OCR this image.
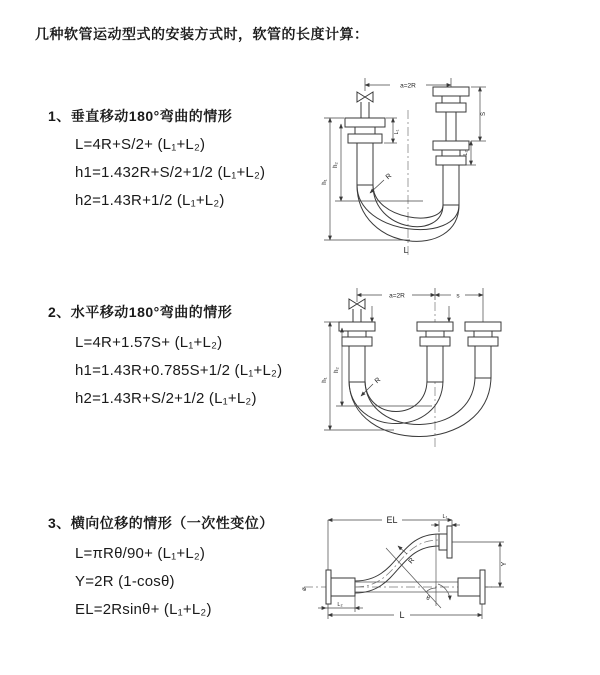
几种软管运动型式的安装方式时，软管的长度计算：
1、垂直移动180°弯曲的情形
L=4R+S/2+ (L₁+L₂)
h1=1.432R+S/2+1/2 (L₁+L₂)
h2=1.43R+1/2 (L₁+L₂)
2、水平移动180°弯曲的情形
L=4R+1.57S+ (L₁+L₂)
h1=1.43R+0.785S+1/2 (L₁+L₂)
h2=1.43R+S/2+1/2 (L₁+L₂)
3、横向位移的情形（一次性变位）
L=πRθ/90+ (L₁+L₂)
Y=2R (1-cosθ)
EL=2Rsinθ+ (L₁+L₂)
a=2R
L₁
S
L₂
h₁
h₂
R
L
a=2R	s
h₁
h₂
R
EL	L₁
Y
ø
θ
R
L₂
L
